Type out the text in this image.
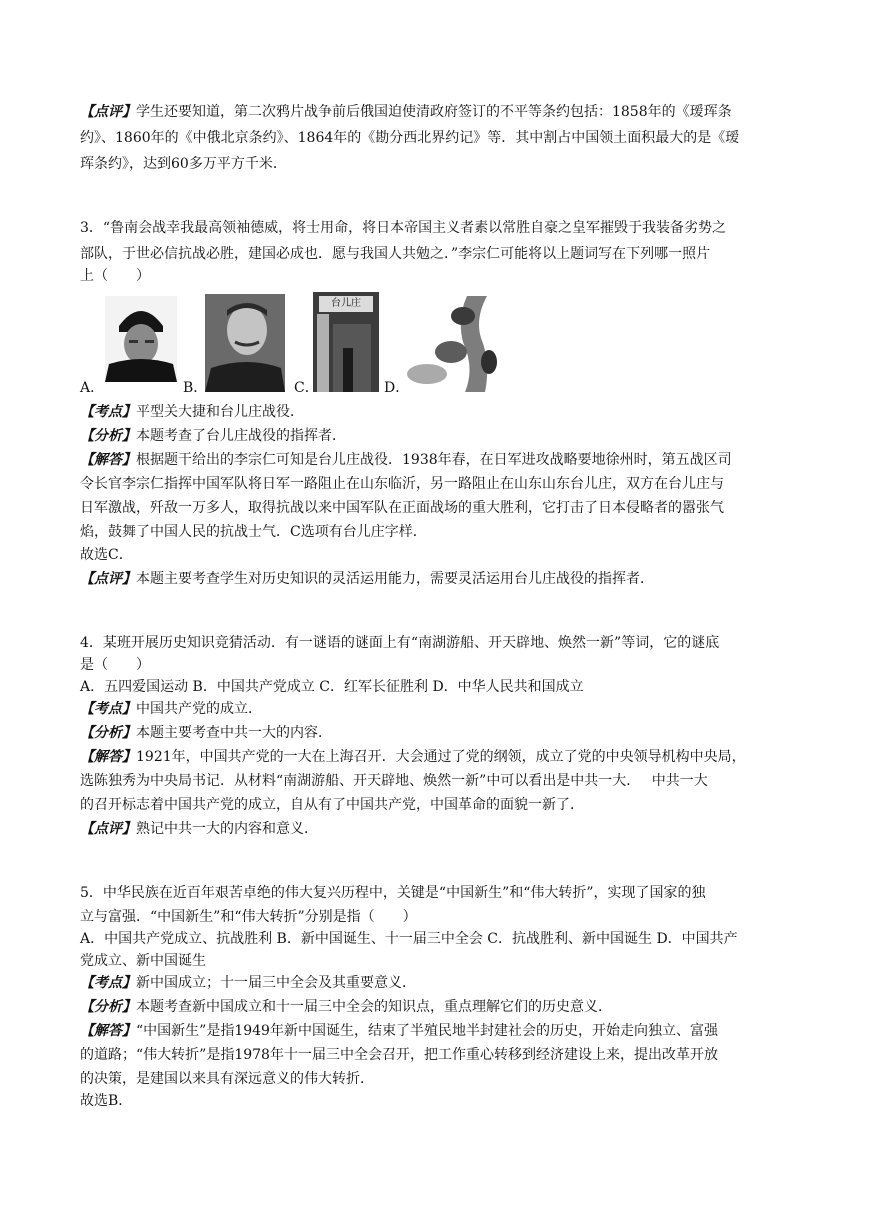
【点评】学生还要知道，第二次鸦片战争前后俄国迫使清政府签订的不平等条约包括：1858年的《瑷珲条
约》、1860年的《中俄北京条约》、1864年的《勘分西北界约记》等．其中割占中国领土面积最大的是《瑷
珲条约》，达到60多万平方千米．
3．“鲁南会战幸我最高领袖德威，将士用命，将日本帝国主义者素以常胜自豪之皇军摧毁于我装备劣势之
部队，于世必信抗战必胜，建国必成也．愿与我国人共勉之．”李宗仁可能将以上题词写在下列哪一照片
上（　　）
A．	B．
台儿庄
C．	D．
【考点】平型关大捷和台儿庄战役．
【分析】本题考查了台儿庄战役的指挥者．
【解答】根据题干给出的李宗仁可知是台儿庄战役．1938年春，在日军进攻战略要地徐州时，第五战区司
令长官李宗仁指挥中国军队将日军一路阻止在山东临沂，另一路阻止在山东山东台儿庄，双方在台儿庄与
日军激战，歼敌一万多人，取得抗战以来中国军队在正面战场的重大胜利，它打击了日本侵略者的嚣张气
焰，鼓舞了中国人民的抗战士气．C选项有台儿庄字样．
故选C．
【点评】本题主要考查学生对历史知识的灵活运用能力，需要灵活运用台儿庄战役的指挥者．
4．某班开展历史知识竞猜活动．有一谜语的谜面上有“南湖游船、开天辟地、焕然一新”等词，它的谜底
是（　　）
A．五四爱国运动 B．中国共产党成立 C．红军长征胜利 D．中华人民共和国成立
【考点】中国共产党的成立．
【分析】本题主要考查中共一大的内容．
【解答】1921年，中国共产党的一大在上海召开．大会通过了党的纲领，成立了党的中央领导机构中央局，
选陈独秀为中央局书记．从材料“南湖游船、开天辟地、焕然一新”中可以看出是中共一大．　 中共一大
的召开标志着中国共产党的成立，自从有了中国共产党，中国革命的面貌一新了．
【点评】熟记中共一大的内容和意义．
5．中华民族在近百年艰苦卓绝的伟大复兴历程中，关键是“中国新生”和“伟大转折”，实现了国家的独
立与富强．“中国新生”和“伟大转折”分别是指（　　）
A．中国共产党成立、抗战胜利 B．新中国诞生、十一届三中全会 C．抗战胜利、新中国诞生 D．中国共产
党成立、新中国诞生
【考点】新中国成立；十一届三中全会及其重要意义．
【分析】本题考查新中国成立和十一届三中全会的知识点，重点理解它们的历史意义．
【解答】“中国新生”是指1949年新中国诞生，结束了半殖民地半封建社会的历史，开始走向独立、富强
的道路；“伟大转折”是指1978年十一届三中全会召开，把工作重心转移到经济建设上来，提出改革开放
的决策，是建国以来具有深远意义的伟大转折．
故选B．
